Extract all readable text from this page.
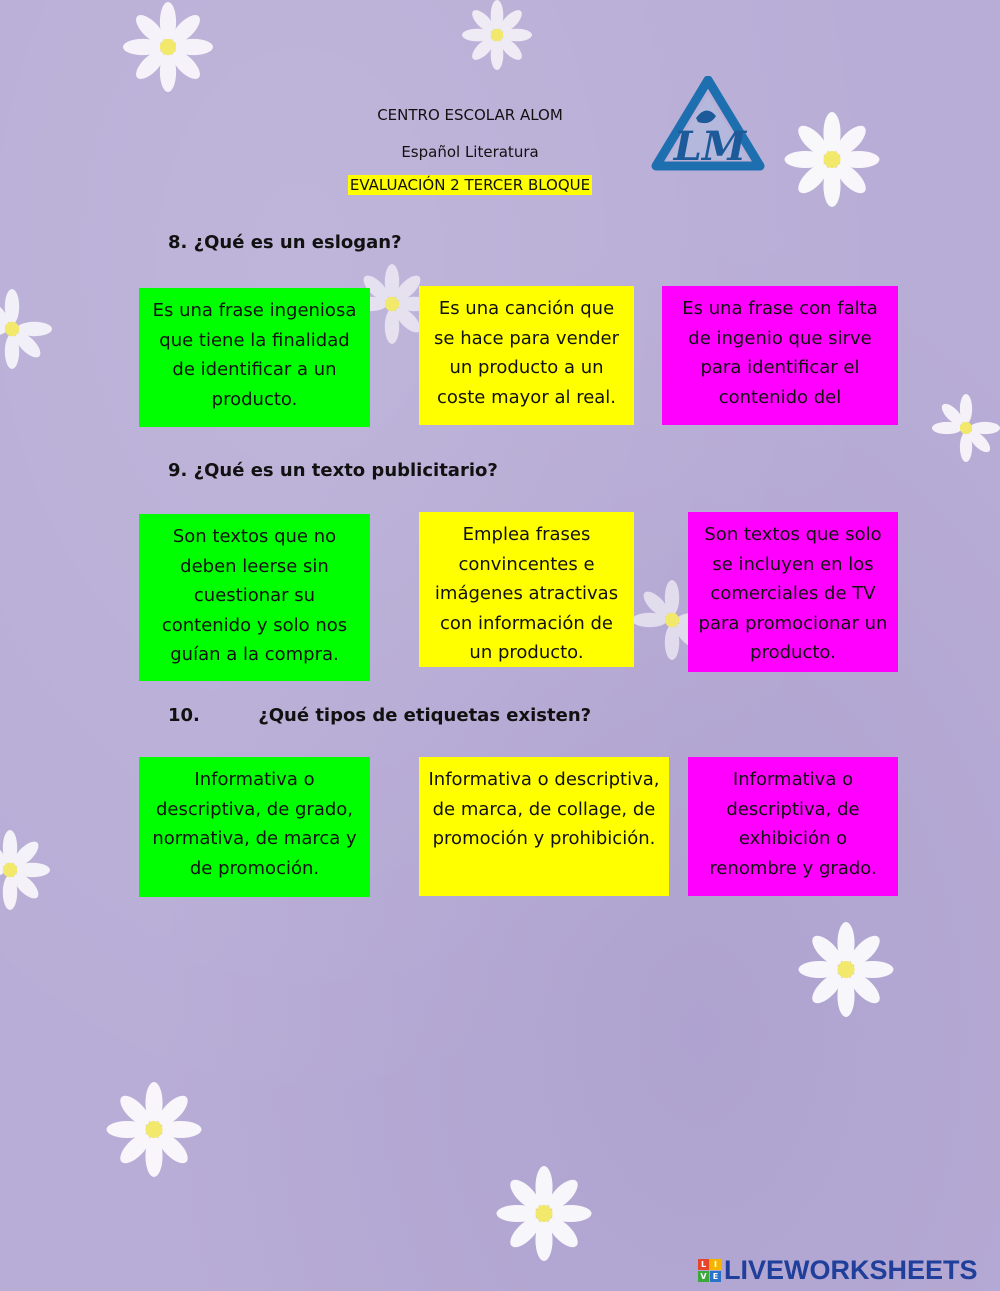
CENTRO ESCOLAR ALOM
Español Literatura
EVALUACIÓN 2 TERCER BLOQUE
LM
8. ¿Qué es un eslogan?
Es una frase ingeniosa que tiene la finalidad de identificar a un producto.
Es una canción que se hace para vender un producto a un coste mayor al real.
Es una frase con falta de ingenio que sirve para identificar el contenido del
9. ¿Qué es un texto publicitario?
Son textos que no deben leerse sin cuestionar su contenido y solo nos guían a la compra.
Emplea frases convincentes e imágenes atractivas con información de un producto.
Son textos que solo se incluyen en los comerciales de TV para promocionar un producto.
10.	¿Qué tipos de etiquetas existen?
Informativa o descriptiva, de grado, normativa, de marca y de promoción.
Informativa o descriptiva, de marca, de collage, de promoción y prohibición.
Informativa o descriptiva, de exhibición o renombre y grado.
L I
V E LIVEWORKSHEETS
